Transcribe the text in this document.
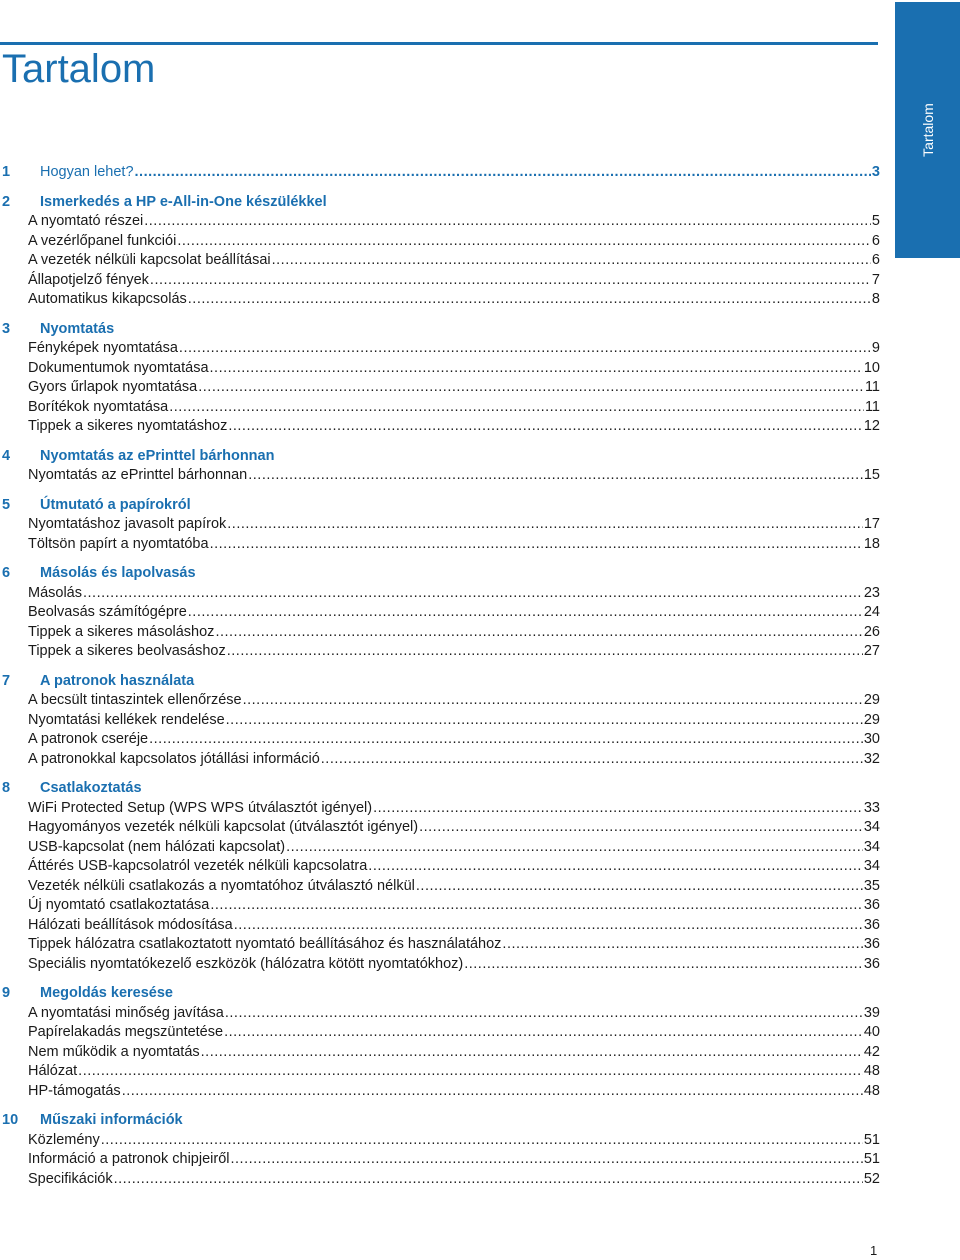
Tartalom
Tartalom
1	Hogyan lehet? .....	3
2	Ismerkedés a HP e-All-in-One készülékkel
A nyomtató részei .....	5
A vezérlőpanel funkciói .....	6
A vezeték nélküli kapcsolat beállításai .....	6
Állapotjelző fények .....	7
Automatikus kikapcsolás .....	8
3	Nyomtatás
Fényképek nyomtatása .....	9
Dokumentumok nyomtatása .....	10
Gyors űrlapok nyomtatása .....	11
Borítékok nyomtatása .....	11
Tippek a sikeres nyomtatáshoz .....	12
4	Nyomtatás az ePrinttel bárhonnan
Nyomtatás az ePrinttel bárhonnan .....	15
5	Útmutató a papírokról
Nyomtatáshoz javasolt papírok .....	17
Töltsön papírt a nyomtatóba .....	18
6	Másolás és lapolvasás
Másolás .....	23
Beolvasás számítógépre .....	24
Tippek a sikeres másoláshoz .....	26
Tippek a sikeres beolvasáshoz .....	27
7	A patronok használata
A becsült tintaszintek ellenőrzése .....	29
Nyomtatási kellékek rendelése .....	29
A patronok cseréje .....	30
A patronokkal kapcsolatos jótállási információ .....	32
8	Csatlakoztatás
WiFi Protected Setup (WPS WPS útválasztót igényel) .....	33
Hagyományos vezeték nélküli kapcsolat (útválasztót igényel) .....	34
USB-kapcsolat (nem hálózati kapcsolat) .....	34
Áttérés USB-kapcsolatról vezeték nélküli kapcsolatra .....	34
Vezeték nélküli csatlakozás a nyomtatóhoz útválasztó nélkül .....	35
Új nyomtató csatlakoztatása .....	36
Hálózati beállítások módosítása .....	36
Tippek hálózatra csatlakoztatott nyomtató beállításához és használatához .....	36
Speciális nyomtatókezelő eszközök (hálózatra kötött nyomtatókhoz) .....	36
9	Megoldás keresése
A nyomtatási minőség javítása .....	39
Papírelakadás megszüntetése .....	40
Nem működik a nyomtatás .....	42
Hálózat .....	48
HP-támogatás .....	48
10	Műszaki információk
Közlemény .....	51
Információ a patronok chipjeiről .....	51
Specifikációk .....	52
1
